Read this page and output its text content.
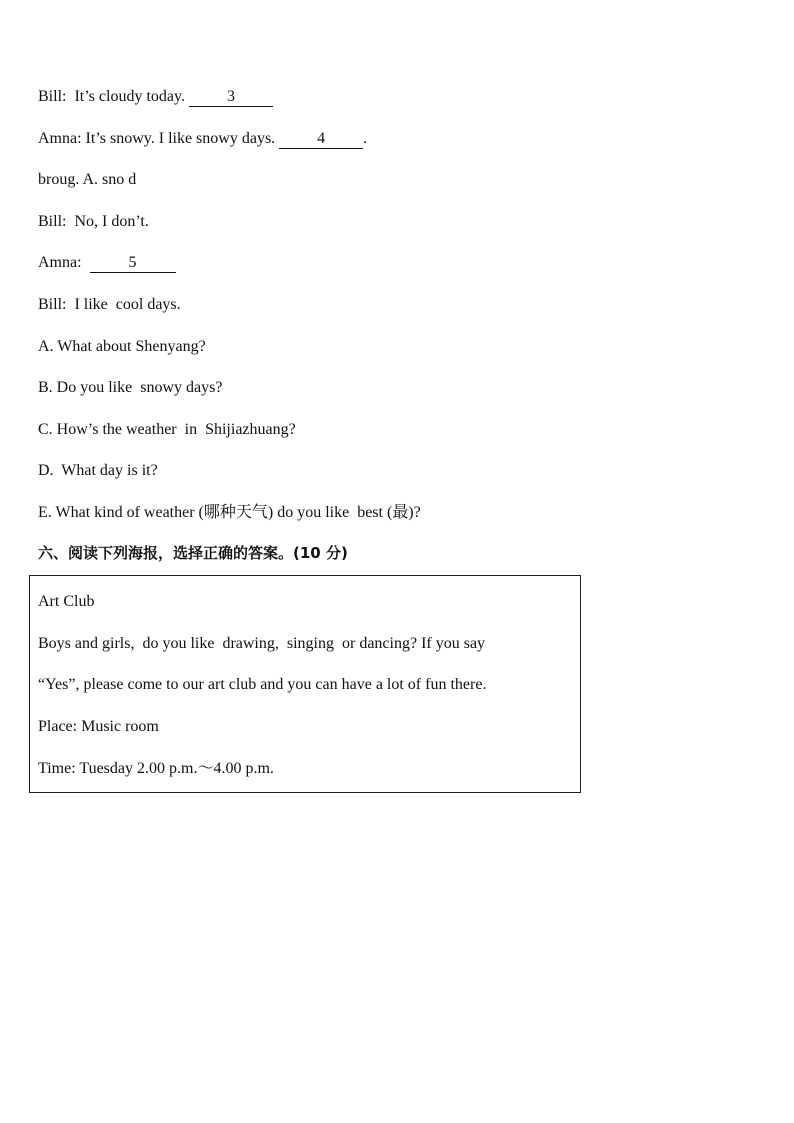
Bill:  It’s cloudy today. 3
Amna: It’s snowy. I like snowy days. 4 .
broug. A. sno d
Bill:  No, I don’t.
Amna:  5
Bill:  I like  cool days.
A. What about Shenyang?
B. Do you like  snowy days?
C. How’s the weather  in  Shijiazhuang?
D.  What day is it?
E. What kind of weather (哪种天气) do you like  best (最)?
六、阅读下列海报，选择正确的答案。(10 分)
Art Club
Boys and girls,  do you like  drawing,  singing  or dancing? If you say
“Yes”, please come to our art club and you can have a lot of fun there.
Place: Music room
Time: Tuesday 2.00 p.m.～4.00 p.m.
